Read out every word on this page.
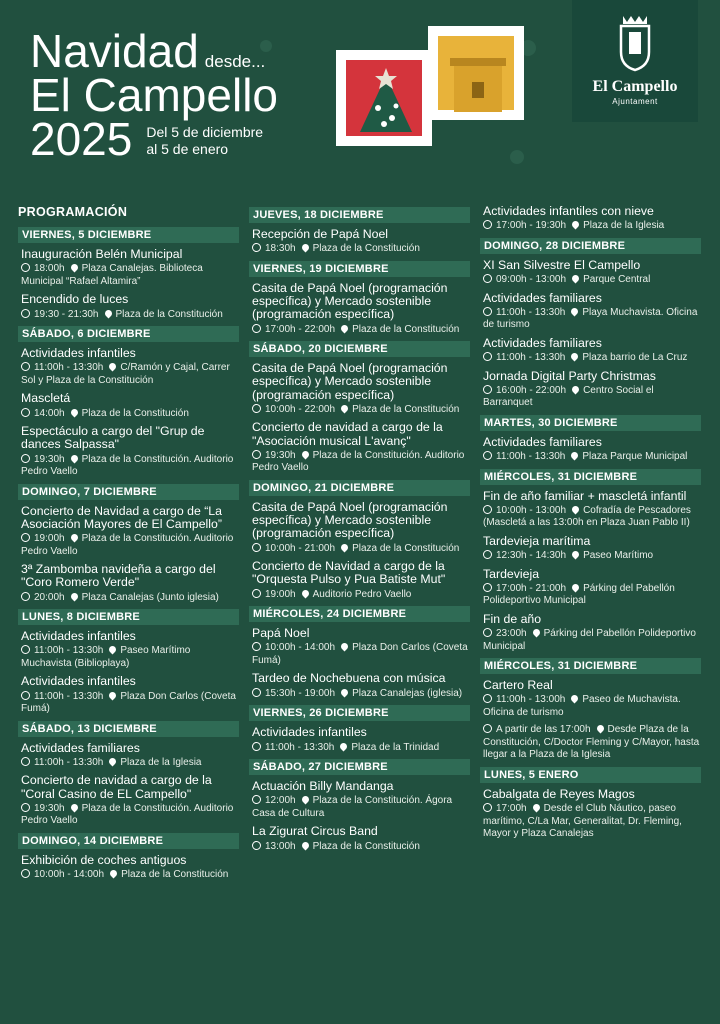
Navidad desde...
El Campello
2025 Del 5 de diciembre
al 5 de enero
El Campello
Ajuntament
PROGRAMACIÓN
VIERNES, 5 DICIEMBRE
Inauguración Belén Municipal
18:00h Plaza Canalejas. Biblioteca Municipal “Rafael Altamira”
Encendido de luces
19:30 - 21:30h Plaza de la Constitución
SÁBADO, 6 DICIEMBRE
Actividades infantiles
11:00h - 13:30h C/Ramón y Cajal, Carrer Sol y Plaza de la Constitución
Mascletá
14:00h Plaza de la Constitución
Espectáculo a cargo del "Grup de dances Salpassa"
19:30h Plaza de la Constitución. Auditorio Pedro Vaello
DOMINGO, 7 DICIEMBRE
Concierto de Navidad a cargo de “La Asociación Mayores de El Campello”
19:00h Plaza de la Constitución. Auditorio Pedro Vaello
3ª Zambomba navideña a cargo del "Coro Romero Verde"
20:00h Plaza Canalejas (Junto iglesia)
LUNES, 8 DICIEMBRE
Actividades infantiles
11:00h - 13:30h Paseo Marítimo Muchavista (Biblioplaya)
Actividades infantiles
11:00h - 13:30h Plaza Don Carlos (Coveta Fumá)
SÁBADO, 13 DICIEMBRE
Actividades familiares
11:00h - 13:30h Plaza de la Iglesia
Concierto de navidad a cargo de la "Coral Casino de EL Campello"
19:30h Plaza de la Constitución. Auditorio Pedro Vaello
DOMINGO, 14 DICIEMBRE
Exhibición de coches antiguos
10:00h - 14:00h Plaza de la Constitución
JUEVES, 18 DICIEMBRE
Recepción de Papá Noel
18:30h Plaza de la Constitución
VIERNES, 19 DICIEMBRE
Casita de Papá Noel (programación específica) y Mercado sostenible (programación específica)
17:00h - 22:00h Plaza de la Constitución
SÁBADO, 20 DICIEMBRE
Casita de Papá Noel (programación específica) y Mercado sostenible (programación específica)
10:00h - 22:00h Plaza de la Constitución
Concierto de navidad a cargo de la "Asociación musical L'avanç"
19:30h Plaza de la Constitución. Auditorio Pedro Vaello
DOMINGO, 21 DICIEMBRE
Casita de Papá Noel (programación específica) y Mercado sostenible (programación específica)
10:00h - 21:00h Plaza de la Constitución
Concierto de Navidad a cargo de la "Orquesta Pulso y Pua Batiste Mut"
19:00h Auditorio Pedro Vaello
MIÉRCOLES, 24 DICIEMBRE
Papá Noel
10:00h - 14:00h Plaza Don Carlos (Coveta Fumá)
Tardeo de Nochebuena con música
15:30h - 19:00h Plaza Canalejas (iglesia)
VIERNES, 26 DICIEMBRE
Actividades infantiles
11:00h - 13:30h Plaza de la Trinidad
SÁBADO, 27 DICIEMBRE
Actuación Billy Mandanga
12:00h Plaza de la Constitución. Ágora Casa de Cultura
La Zigurat Circus Band
13:00h Plaza de la Constitución
Actividades infantiles con nieve
17:00h - 19:30h Plaza de la Iglesia
DOMINGO, 28 DICIEMBRE
XI San Silvestre El Campello
09:00h - 13:00h Parque Central
Actividades familiares
11:00h - 13:30h Playa Muchavista. Oficina de turismo
Actividades familiares
11:00h - 13:30h Plaza barrio de La Cruz
Jornada Digital Party Christmas
16:00h - 22:00h Centro Social el Barranquet
MARTES, 30 DICIEMBRE
Actividades familiares
11:00h - 13:30h Plaza Parque Municipal
MIÉRCOLES, 31 DICIEMBRE
Fin de año familiar + mascletá infantil
10:00h - 13:00h Cofradía de Pescadores (Mascletá a las 13:00h en Plaza Juan Pablo II)
Tardevieja marítima
12:30h - 14:30h Paseo Marítimo
Tardevieja
17:00h - 21:00h Párking del Pabellón Polideportivo Municipal
Fin de año
23:00h Párking del Pabellón Polideportivo Municipal
MIÉRCOLES, 31 DICIEMBRE
Cartero Real
11:00h - 13:00h Paseo de Muchavista. Oficina de turismo
A partir de las 17:00h Desde Plaza de la Constitución, C/Doctor Fleming y C/Mayor, hasta llegar a la Plaza de la Iglesia
LUNES, 5 ENERO
Cabalgata de Reyes Magos
17:00h Desde el Club Náutico, paseo marítimo, C/La Mar, Generalitat, Dr. Fleming, Mayor y Plaza Canalejas
